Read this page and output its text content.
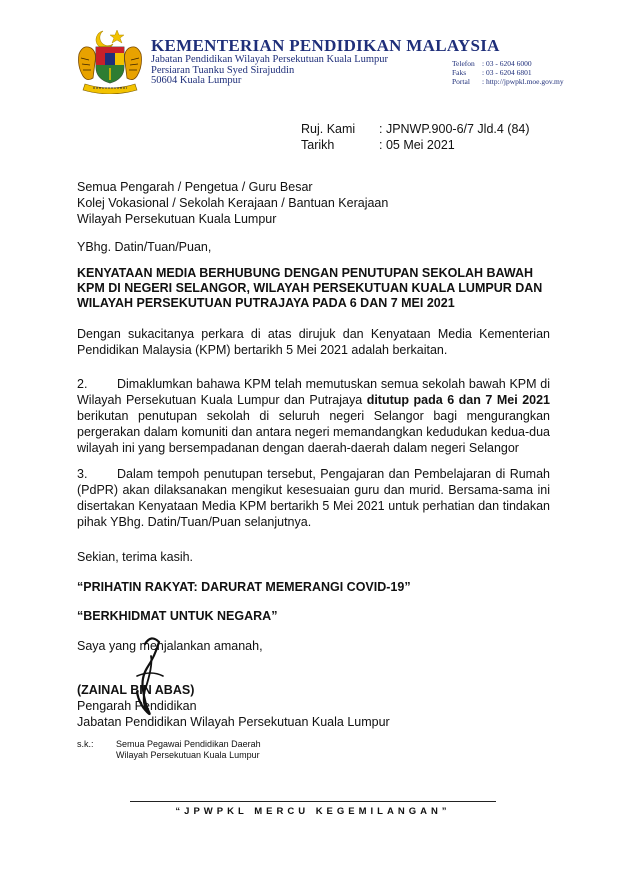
KEMENTERIAN PENDIDIKAN MALAYSIA
Jabatan Pendidikan Wilayah Persekutuan Kuala Lumpur
Persiaran Tuanku Syed Sirajuddin
50604 Kuala Lumpur
Telefon : 03 - 6204 6000
Faks : 03 - 6204 6801
Portal : http://jpwpkl.moe.gov.my
Ruj. Kami : JPNWP.900-6/7 Jld.4 (84)
Tarikh	: 05 Mei 2021
Semua Pengarah / Pengetua / Guru Besar
Kolej Vokasional / Sekolah Kerajaan / Bantuan Kerajaan
Wilayah Persekutuan Kuala Lumpur
YBhg. Datin/Tuan/Puan,
KENYATAAN MEDIA BERHUBUNG DENGAN PENUTUPAN SEKOLAH BAWAH
KPM DI NEGERI SELANGOR, WILAYAH PERSEKUTUAN KUALA LUMPUR DAN
WILAYAH PERSEKUTUAN PUTRAJAYA PADA 6 DAN 7 MEI 2021
Dengan sukacitanya perkara di atas dirujuk dan Kenyataan Media Kementerian Pendidikan Malaysia (KPM) bertarikh 5 Mei 2021 adalah berkaitan.
2. Dimaklumkan bahawa KPM telah memutuskan semua sekolah bawah KPM di Wilayah Persekutuan Kuala Lumpur dan Putrajaya ditutup pada 6 dan 7 Mei 2021 berikutan penutupan sekolah di seluruh negeri Selangor bagi mengurangkan pergerakan dalam komuniti dan antara negeri memandangkan kedudukan kedua-dua wilayah ini yang bersempadanan dengan daerah-daerah dalam negeri Selangor
3. Dalam tempoh penutupan tersebut, Pengajaran dan Pembelajaran di Rumah (PdPR) akan dilaksanakan mengikut kesesuaian guru dan murid. Bersama-sama ini disertakan Kenyataan Media KPM bertarikh 5 Mei 2021 untuk perhatian dan tindakan pihak YBhg. Datin/Tuan/Puan selanjutnya.
Sekian, terima kasih.
“PRIHATIN RAKYAT: DARURAT MEMERANGI COVID-19”
“BERKHIDMAT UNTUK NEGARA”
Saya yang menjalankan amanah,
(ZAINAL BIN ABAS)
Pengarah Pendidikan
Jabatan Pendidikan Wilayah Persekutuan Kuala Lumpur
s.k.: Semua Pegawai Pendidikan Daerah
Wilayah Persekutuan Kuala Lumpur
“JPWPKL MERCU KEGEMILANGAN”
